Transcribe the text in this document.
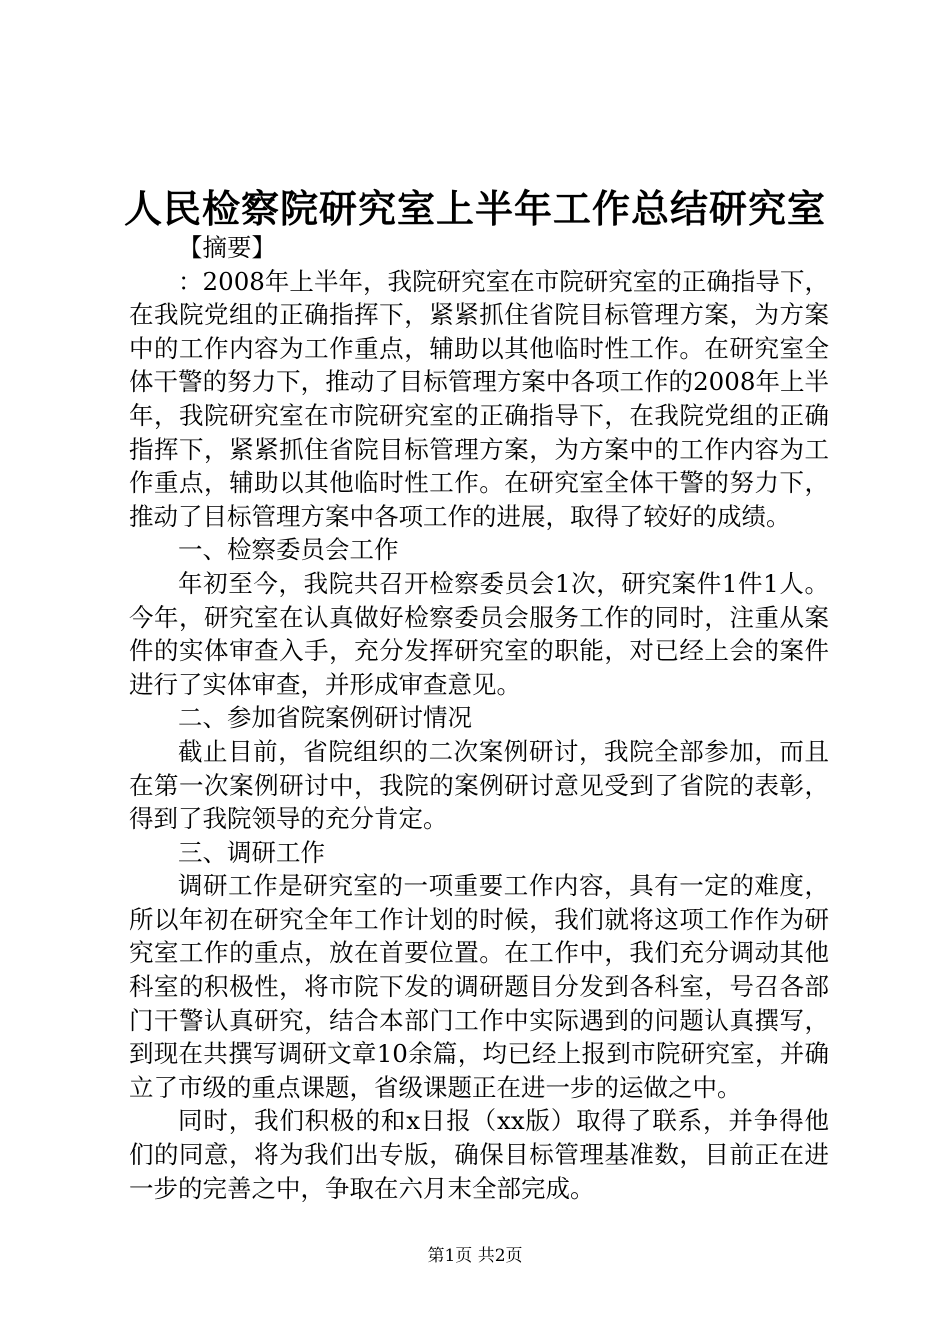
人民检察院研究室上半年工作总结研究室

【摘要】

：2008年上半年，我院研究室在市院研究室的正确指导下，在我院党组的正确指挥下，紧紧抓住省院目标管理方案，为方案中的工作内容为工作重点，辅助以其他临时性工作。在研究室全体干警的努力下，推动了目标管理方案中各项工作的2008年上半年，我院研究室在市院研究室的正确指导下，在我院党组的正确指挥下，紧紧抓住省院目标管理方案，为方案中的工作内容为工作重点，辅助以其他临时性工作。在研究室全体干警的努力下，推动了目标管理方案中各项工作的进展，取得了较好的成绩。

一、检察委员会工作

年初至今，我院共召开检察委员会1次，研究案件1件1人。今年，研究室在认真做好检察委员会服务工作的同时，注重从案件的实体审查入手，充分发挥研究室的职能，对已经上会的案件进行了实体审查，并形成审查意见。

二、参加省院案例研讨情况

截止目前，省院组织的二次案例研讨，我院全部参加，而且在第一次案例研讨中，我院的案例研讨意见受到了省院的表彰，得到了我院领导的充分肯定。

三、调研工作

调研工作是研究室的一项重要工作内容，具有一定的难度，所以年初在研究全年工作计划的时候，我们就将这项工作作为研究室工作的重点，放在首要位置。在工作中，我们充分调动其他科室的积极性，将市院下发的调研题目分发到各科室，号召各部门干警认真研究，结合本部门工作中实际遇到的问题认真撰写，到现在共撰写调研文章10余篇，均已经上报到市院研究室，并确立了市级的重点课题，省级课题正在进一步的运做之中。

同时，我们积极的和x日报（xx版）取得了联系，并争得他们的同意，将为我们出专版，确保目标管理基准数，目前正在进一步的完善之中，争取在六月末全部完成。

第1页 共2页
